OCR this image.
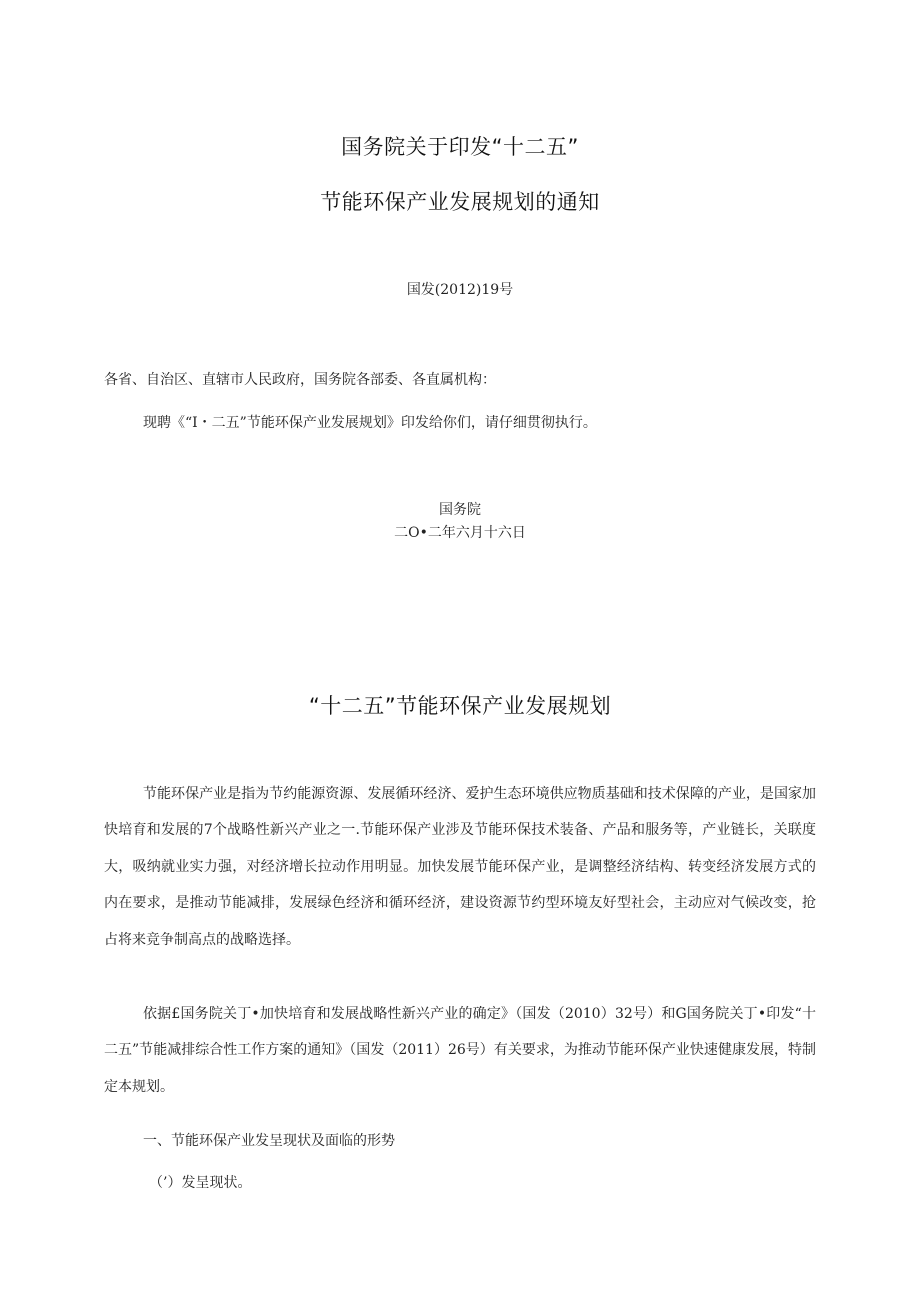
国务院关于印发“十二五”
节能环保产业发展规划的通知
国发(2012)19号
各省、自治区、直辖市人民政府，国务院各部委、各直属机构：
现聘《“I・二五”节能环保产业发展规划》印发给你们，请仔细贯彻执行。
国务院
二O•二年六月十六日
“十二五”节能环保产业发展规划

节能环保产业是指为节约能源资源、发展循环经济、爱护生态环境供应物质基础和技术保障的产业，是国家加快培育和发展的7个战略性新兴产业之一.节能环保产业涉及节能环保技术装备、产品和服务等，产业链长，关联度大，吸纳就业实力强，对经济增长拉动作用明显。加快发展节能环保产业，是调整经济结构、转变经济发展方式的内在要求，是推动节能减排，发展绿色经济和循环经济，建设资源节约型环境友好型社会，主动应对气候改变，抢占将来竞争制高点的战略选择。

依据£国务院关丁•加快培育和发展战略性新兴产业的确定》（国发（2010）32号）和G国务院关丁•印发“十二五”节能减排综合性工作方案的通知》（国发（2011）26号）有关要求，为推动节能环保产业快速健康发展，特制定本规划。

一、节能环保产业发呈现状及面临的形势
（’）发呈现状。
